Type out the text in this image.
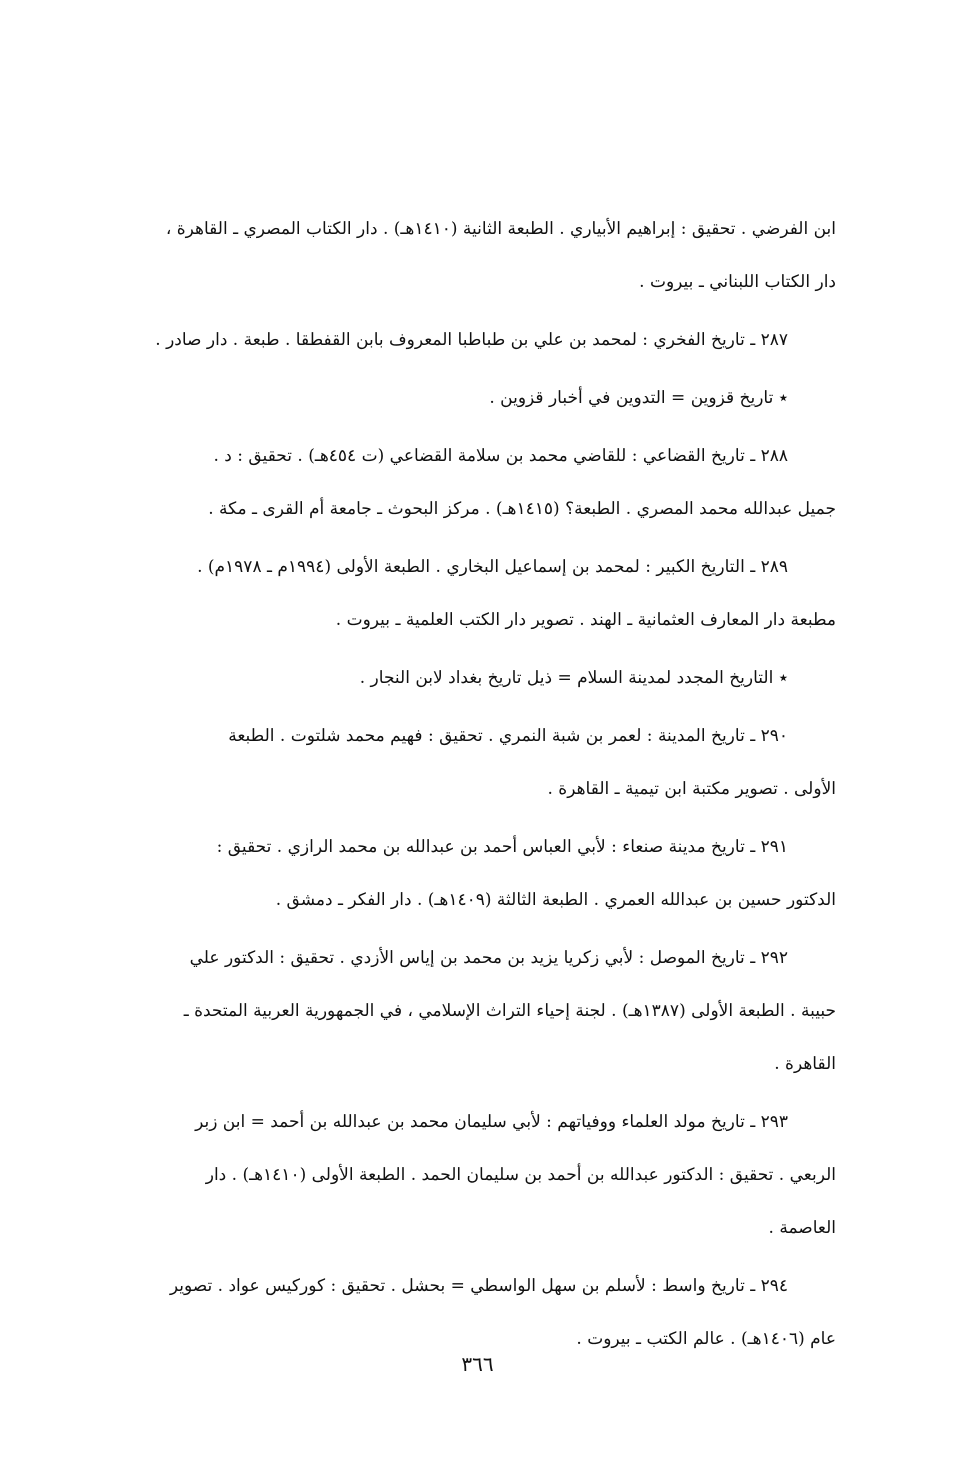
ابن الفرضي . تحقيق : إبراهيم الأبياري . الطبعة الثانية (١٤١٠هـ) . دار الكتاب المصري ـ القاهرة ،
دار الكتاب اللبناني ـ بيروت .
٢٨٧ ـ تاريخ الفخري : لمحمد بن علي بن طباطبا المعروف بابن القفطقا . طبعة . دار صادر .
٭ تاريخ قزوين = التدوين في أخبار قزوين .
٢٨٨ ـ تاريخ القضاعي : للقاضي محمد بن سلامة القضاعي (ت ٤٥٤هـ) . تحقيق : د .
جميل عبدالله محمد المصري . الطبعة؟ (١٤١٥هـ) . مركز البحوث ـ جامعة أم القرى ـ مكة .
٢٨٩ ـ التاريخ الكبير : لمحمد بن إسماعيل البخاري . الطبعة الأولى (١٩٩٤م ـ ١٩٧٨م) .
مطبعة دار المعارف العثمانية ـ الهند . تصوير دار الكتب العلمية ـ بيروت .
٭ التاريخ المجدد لمدينة السلام = ذيل تاريخ بغداد لابن النجار .
٢٩٠ ـ تاريخ المدينة : لعمر بن شبة النمري . تحقيق : فهيم محمد شلتوت . الطبعة
الأولى . تصوير مكتبة ابن تيمية ـ القاهرة .
٢٩١ ـ تاريخ مدينة صنعاء : لأبي العباس أحمد بن عبدالله بن محمد الرازي . تحقيق :
الدكتور حسين بن عبدالله العمري . الطبعة الثالثة (١٤٠٩هـ) . دار الفكر ـ دمشق .
٢٩٢ ـ تاريخ الموصل : لأبي زكريا يزيد بن محمد بن إياس الأزدي . تحقيق : الدكتور علي
حبيبة . الطبعة الأولى (١٣٨٧هـ) . لجنة إحياء التراث الإسلامي ، في الجمهورية العربية المتحدة ـ
القاهرة .
٢٩٣ ـ تاريخ مولد العلماء ووفياتهم : لأبي سليمان محمد بن عبدالله بن أحمد = ابن زبر
الربعي . تحقيق : الدكتور عبدالله بن أحمد بن سليمان الحمد . الطبعة الأولى (١٤١٠هـ) . دار
العاصمة .
٢٩٤ ـ تاريخ واسط : لأسلم بن سهل الواسطي = بحشل . تحقيق : كوركيس عواد . تصوير
عام (١٤٠٦هـ) . عالم الكتب ـ بيروت .
٣٦٦
